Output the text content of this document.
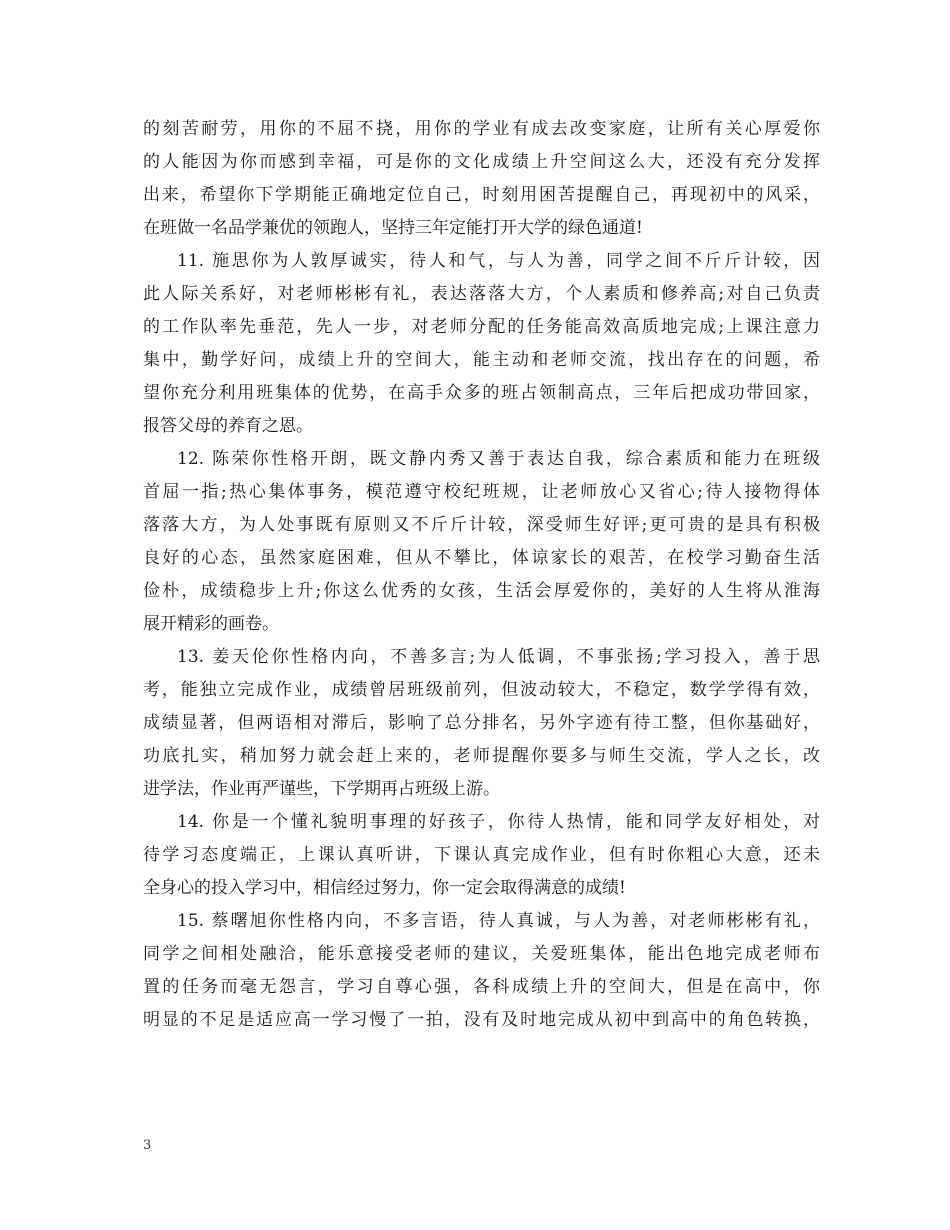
的刻苦耐劳，用你的不屈不挠，用你的学业有成去改变家庭，让所有关心厚爱你
的人能因为你而感到幸福，可是你的文化成绩上升空间这么大，还没有充分发挥
出来，希望你下学期能正确地定位自己，时刻用困苦提醒自己，再现初中的风采，
在班做一名品学兼优的领跑人，坚持三年定能打开大学的绿色通道!
11. 施思你为人敦厚诚实，待人和气，与人为善，同学之间不斤斤计较，因
此人际关系好，对老师彬彬有礼，表达落落大方，个人素质和修养高;对自己负责
的工作队率先垂范，先人一步，对老师分配的任务能高效高质地完成;上课注意力
集中，勤学好问，成绩上升的空间大，能主动和老师交流，找出存在的问题，希
望你充分利用班集体的优势，在高手众多的班占领制高点，三年后把成功带回家，
报答父母的养育之恩。
12. 陈荣你性格开朗，既文静内秀又善于表达自我，综合素质和能力在班级
首屈一指;热心集体事务，模范遵守校纪班规，让老师放心又省心;待人接物得体
落落大方，为人处事既有原则又不斤斤计较，深受师生好评;更可贵的是具有积极
良好的心态，虽然家庭困难，但从不攀比，体谅家长的艰苦，在校学习勤奋生活
俭朴，成绩稳步上升;你这么优秀的女孩，生活会厚爱你的，美好的人生将从淮海
展开精彩的画卷。
13. 姜天伦你性格内向，不善多言;为人低调，不事张扬;学习投入，善于思
考，能独立完成作业，成绩曾居班级前列，但波动较大，不稳定，数学学得有效，
成绩显著，但两语相对滞后，影响了总分排名，另外字迹有待工整，但你基础好，
功底扎实，稍加努力就会赶上来的，老师提醒你要多与师生交流，学人之长，改
进学法，作业再严谨些，下学期再占班级上游。
14. 你是一个懂礼貌明事理的好孩子，你待人热情，能和同学友好相处，对
待学习态度端正，上课认真听讲，下课认真完成作业，但有时你粗心大意，还未
全身心的投入学习中，相信经过努力，你一定会取得满意的成绩!
15. 蔡曙旭你性格内向，不多言语，待人真诚，与人为善，对老师彬彬有礼，
同学之间相处融洽，能乐意接受老师的建议，关爱班集体，能出色地完成老师布
置的任务而毫无怨言，学习自尊心强，各科成绩上升的空间大，但是在高中，你
明显的不足是适应高一学习慢了一拍，没有及时地完成从初中到高中的角色转换，
3
